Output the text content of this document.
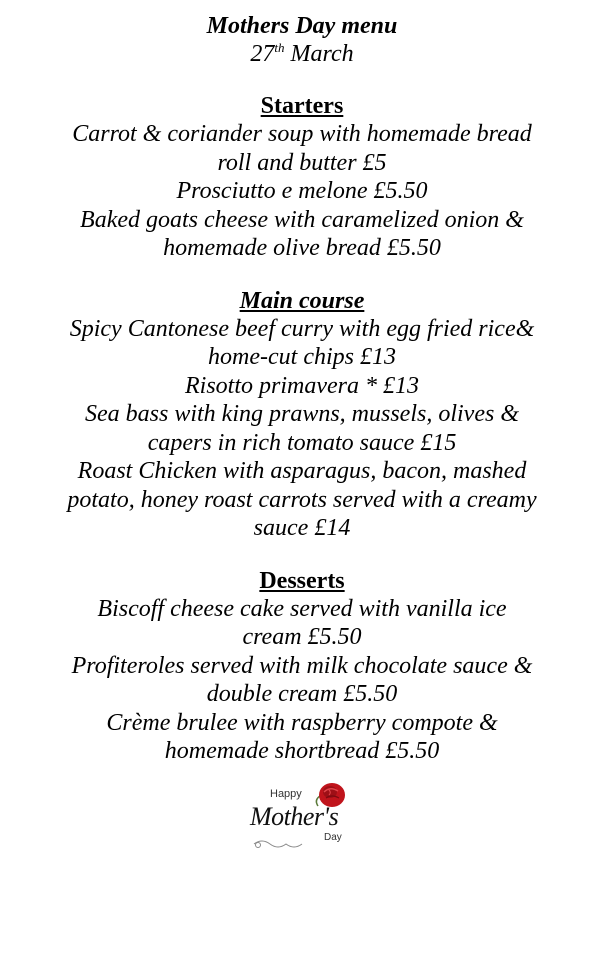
Mothers Day menu
27th March
Starters
Carrot & coriander soup with homemade bread roll and butter £5
Prosciutto e melone £5.50
Baked goats cheese with caramelized onion & homemade olive bread £5.50
Main course
Spicy Cantonese beef curry with egg fried rice& home-cut chips £13
Risotto primavera * £13
Sea bass with king prawns, mussels, olives & capers in rich tomato sauce £15
Roast Chicken with asparagus, bacon, mashed potato, honey roast carrots served with a creamy sauce £14
Desserts
Biscoff cheese cake served with vanilla ice cream £5.50
Profiteroles served with milk chocolate sauce & double cream £5.50
Crème brulee with raspberry compote & homemade shortbread £5.50
Happy
Mother's
Day
